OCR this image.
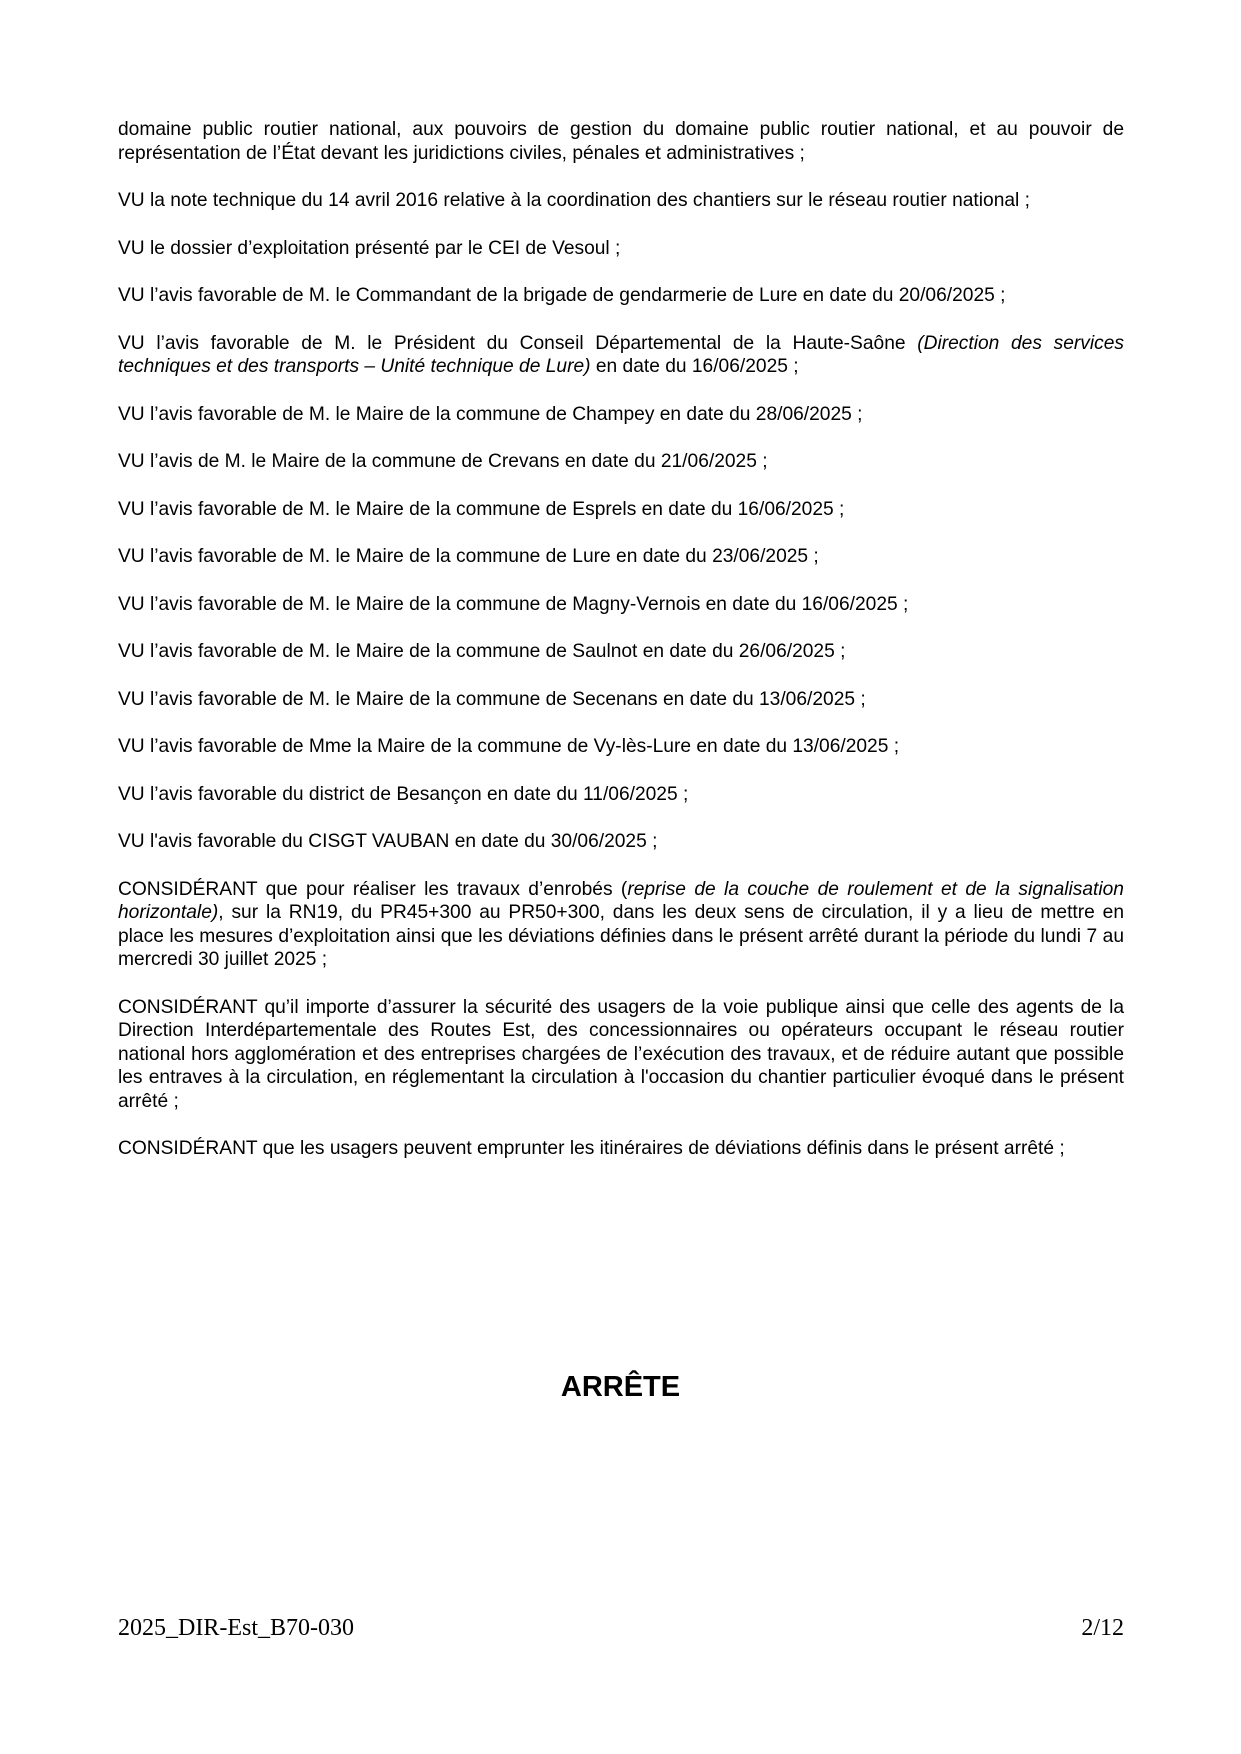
domaine public routier national, aux pouvoirs de gestion du domaine public routier national, et au pouvoir de représentation de l’État devant les juridictions civiles, pénales et administratives ;

VU la note technique du 14 avril 2016 relative à la coordination des chantiers sur le réseau routier national ;

VU le dossier d’exploitation présenté par le CEI de Vesoul ;

VU l’avis favorable de M. le Commandant de la brigade de gendarmerie de Lure en date du 20/06/2025 ;

VU l’avis favorable de M. le Président du Conseil Départemental de la Haute-Saône (Direction des services techniques et des transports – Unité technique de Lure) en date du 16/06/2025 ;

VU l’avis favorable de M. le Maire de la commune de Champey en date du 28/06/2025 ;

VU l’avis de M. le Maire de la commune de Crevans en date du 21/06/2025 ;

VU l’avis favorable de M. le Maire de la commune de Esprels en date du 16/06/2025 ;

VU l’avis favorable de M. le Maire de la commune de Lure en date du 23/06/2025 ;

VU l’avis favorable de M. le Maire de la commune de Magny-Vernois en date du 16/06/2025 ;

VU l’avis favorable de M. le Maire de la commune de Saulnot en date du 26/06/2025 ;

VU l’avis favorable de M. le Maire de la commune de Secenans en date du 13/06/2025 ;

VU l’avis favorable de Mme la Maire de la commune de Vy-lès-Lure en date du 13/06/2025 ;

VU l’avis favorable du district de Besançon en date du 11/06/2025 ;

VU l'avis favorable du CISGT VAUBAN en date du 30/06/2025 ;

CONSIDÉRANT que pour réaliser les travaux d’enrobés (reprise de la couche de roulement et de la signalisation horizontale), sur la RN19, du PR45+300 au PR50+300, dans les deux sens de circulation, il y a lieu de mettre en place les mesures d’exploitation ainsi que les déviations définies dans le présent arrêté durant la période du lundi 7 au mercredi 30 juillet 2025 ;

CONSIDÉRANT qu’il importe d’assurer la sécurité des usagers de la voie publique ainsi que celle des agents de la Direction Interdépartementale des Routes Est, des concessionnaires ou opérateurs occupant le réseau routier national hors agglomération et des entreprises chargées de l’exécution des travaux, et de réduire autant que possible les entraves à la circulation, en réglementant la circulation à l'occasion du chantier particulier évoqué dans le présent arrêté ;

CONSIDÉRANT que les usagers peuvent emprunter les itinéraires de déviations définis dans le présent arrêté ;

ARRÊTE
2025_DIR-Est_B70-030	2/12
